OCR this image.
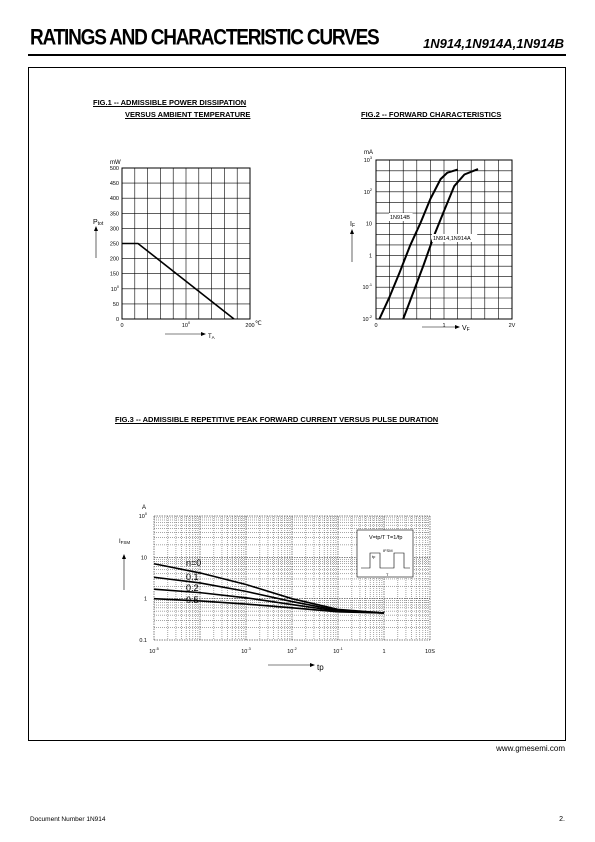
RATINGS AND CHARACTERISTIC CURVES	1N914,1N914A,1N914B
FIG.1 -- ADMISSIBLE POWER DISSIPATION
VERSUS AMBIENT TEMPERATURE	FIG.2 -- FORWARD CHARACTERISTICS
FIG.3 -- ADMISSIBLE REPETITIVE PEAK FORWARD CURRENT VERSUS PULSE DURATION
0
50
$10^0$
150
200
250
300
350
400
450
500
0	$10^0$	200
mW
Ptot
TA
℃
$10^{-2}$
$10^{-1}$
1
10
$10^2$
$10^3$
0	1	2V
1N914B
1N914,1N914A
mA
IF
VF
0.1
1
10
$10^0$
$10^{-5}$	$10^{-3}$	$10^{-2}$	$10^{-1}$	1	10S
n=0
0.1
0.2
0.5
A
IFSM
tp
V=tp/T T=1/fp
IFSM
tp
T
www.gmesemi.com
Document Number 1N914	2.
